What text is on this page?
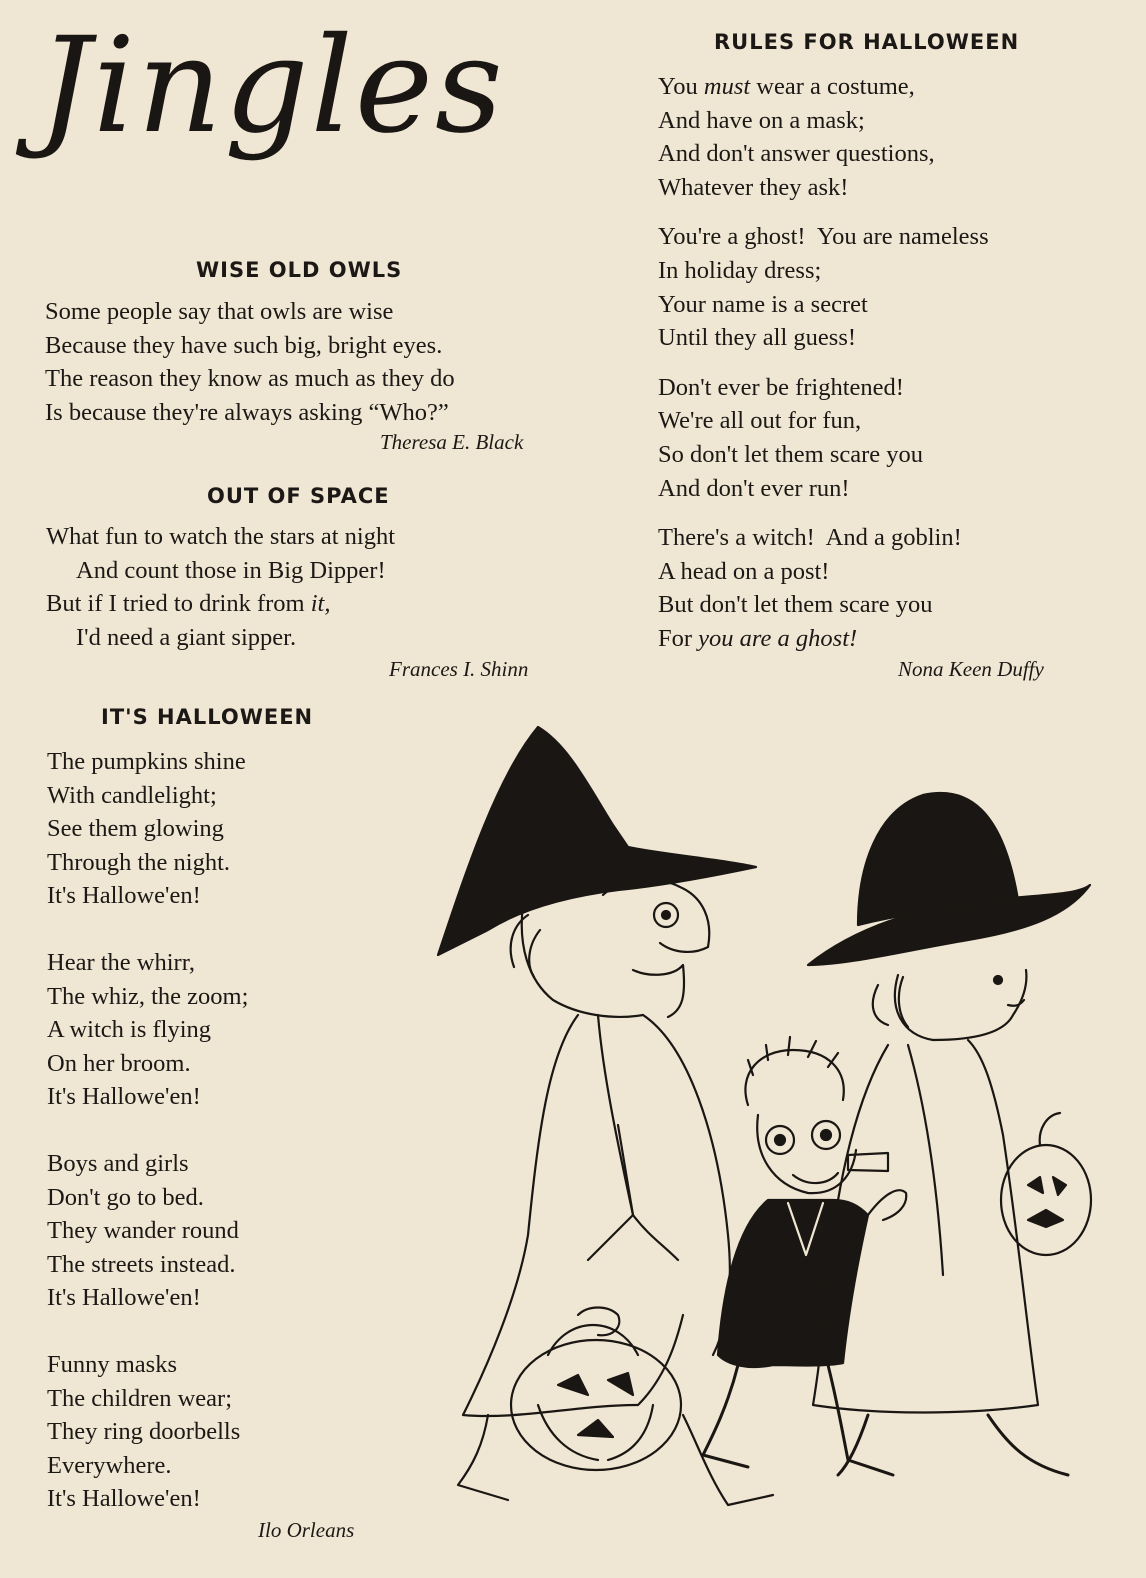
Jingles
WISE OLD OWLS
Some people say that owls are wise
Because they have such big, bright eyes.
The reason they know as much as they do
Is because they're always asking “Who?”
Theresa E. Black
OUT OF SPACE
What fun to watch the stars at night
And count those in Big Dipper!
But if I tried to drink from it,
I'd need a giant sipper.
Frances I. Shinn
IT'S HALLOWEEN
The pumpkins shine
With candlelight;
See them glowing
Through the night.
It's Hallowe'en!
Hear the whirr,
The whiz, the zoom;
A witch is flying
On her broom.
It's Hallowe'en!
Boys and girls
Don't go to bed.
They wander round
The streets instead.
It's Hallowe'en!
Funny masks
The children wear;
They ring doorbells
Everywhere.
It's Hallowe'en!
Ilo Orleans
RULES FOR HALLOWEEN
You must wear a costume,
And have on a mask;
And don't answer questions,
Whatever they ask!
You're a ghost!  You are nameless
In holiday dress;
Your name is a secret
Until they all guess!
Don't ever be frightened!
We're all out for fun,
So don't let them scare you
And don't ever run!
There's a witch!  And a goblin!
A head on a post!
But don't let them scare you
For you are a ghost!
Nona Keen Duffy
